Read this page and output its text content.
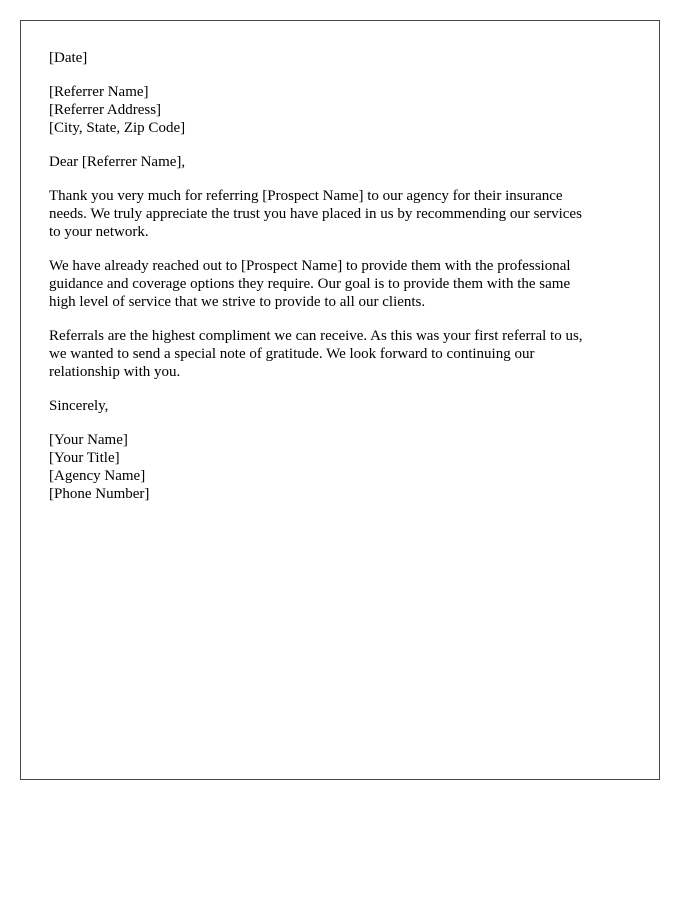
[Date]
[Referrer Name]
[Referrer Address]
[City, State, Zip Code]
Dear [Referrer Name],

Thank you very much for referring [Prospect Name] to our agency for their insurance
needs. We truly appreciate the trust you have placed in us by recommending our services
to your network.

We have already reached out to [Prospect Name] to provide them with the professional
guidance and coverage options they require. Our goal is to provide them with the same
high level of service that we strive to provide to all our clients.

Referrals are the highest compliment we can receive. As this was your first referral to us,
we wanted to send a special note of gratitude. We look forward to continuing our
relationship with you.

Sincerely,
[Your Name]
[Your Title]
[Agency Name]
[Phone Number]
